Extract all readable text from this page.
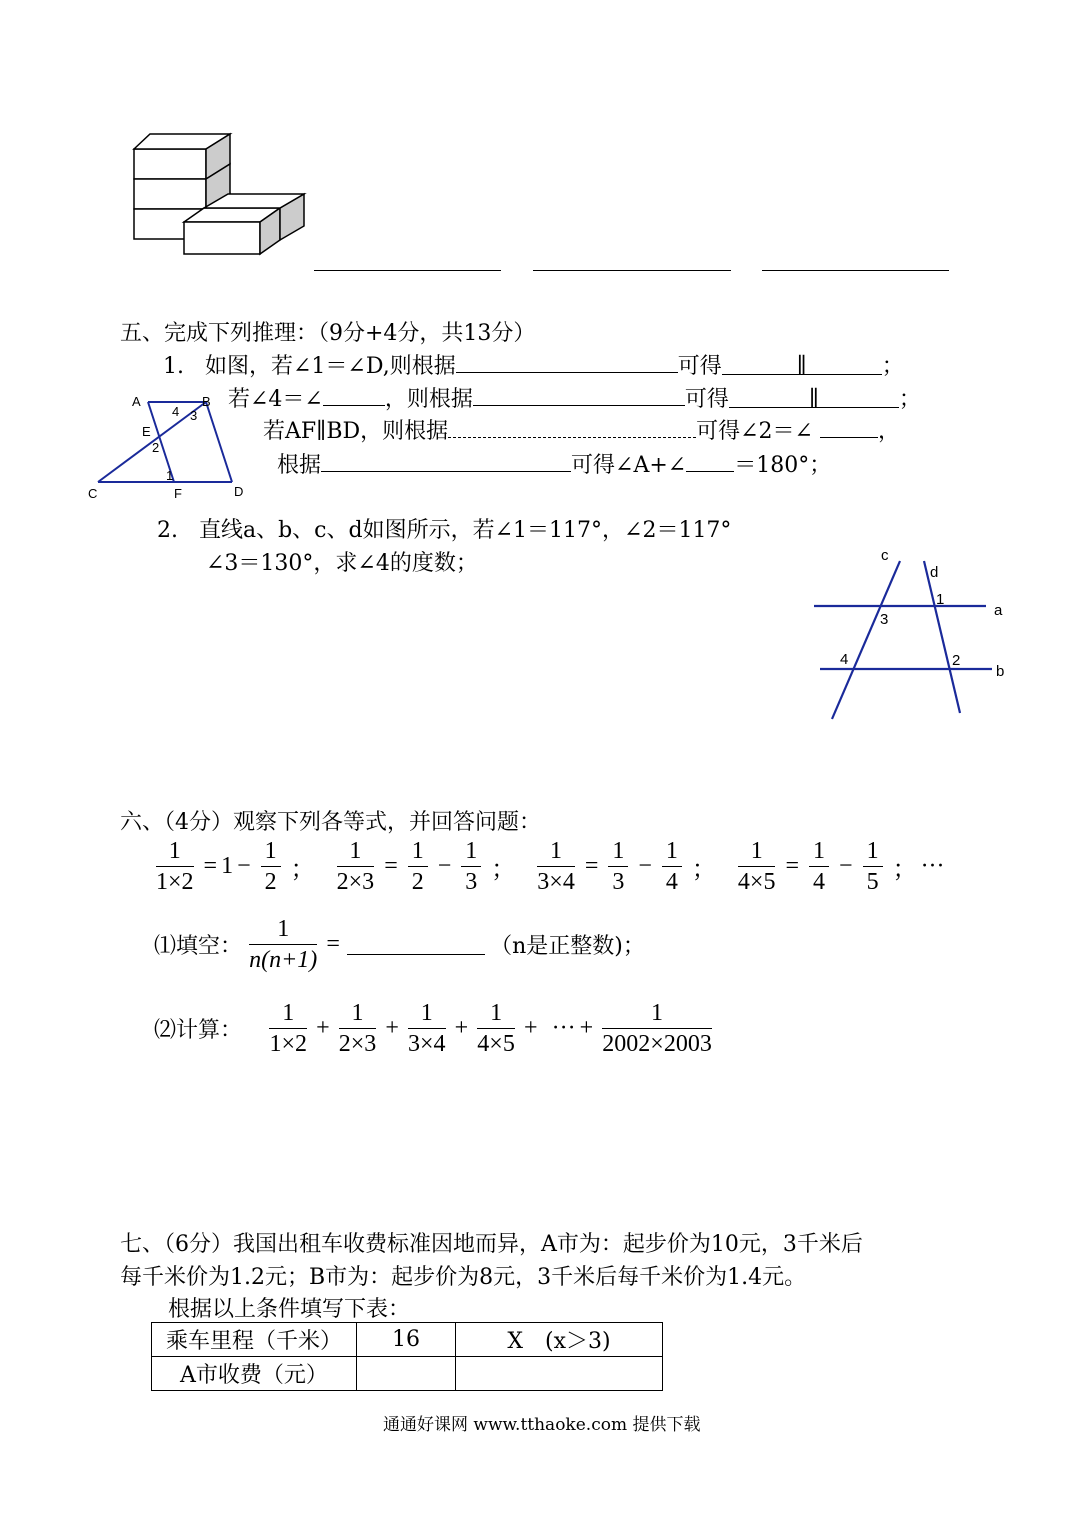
五、完成下列推理：（9分+4分，共13分）
1. 如图，若∠1＝∠D,则根据	可得	∥	；
若∠4＝∠	，则根据	可得	∥	；
若AF∥BD，则根据	可得∠2＝∠	，
根据	可得∠A+∠ ＝180°；
A	B
C	D
E
F
1
2
3
4
2. 直线a、b、c、d如图所示，若∠1＝117°，∠2＝117°
∠3＝130°，求∠4的度数；
a
b
c
d
1
2
3
4
六、（4分）观察下列各等式，并回答问题：
$\frac{1}{1\times 2} = 1 - \frac{1}{2}$ ； $\frac{1}{2\times 3} = \frac{1}{2} - \frac{1}{3}$ ； $\frac{1}{3\times 4} = \frac{1}{3} - \frac{1}{4}$ ； $\frac{1}{4\times 5} = \frac{1}{4} - \frac{1}{5}$ ； ···
⑴填空： $\frac{1}{n(n+1)}$ =	（n是正整数)；
⑵计算： $\frac{1}{1\times 2} + \frac{1}{2\times 3} + \frac{1}{3\times 4} + \frac{1}{4\times 5}$ + ··· + $\frac{1}{2002\times 2003}$
七、（6分）我国出租车收费标准因地而异，A市为：起步价为10元，3千米后
每千米价为1.2元；B市为：起步价为8元，3千米后每千米价为1.4元。
根据以上条件填写下表：
乘车里程（千米）	16	X　(x＞3)
A市收费（元）		
通通好课网 www.tthaoke.com 提供下载
